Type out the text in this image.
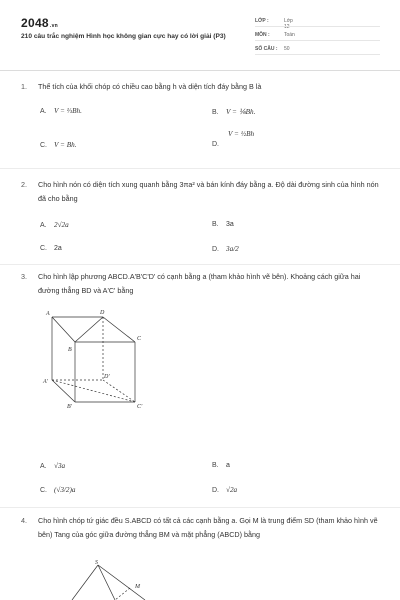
2048.vn
210 câu trắc nghiệm Hình học không gian cực hay có lời giải (P3)
LỚP :	Lớp 12
MÔN :	Toán
SỐ CÂU :	50
1.	Thể tích của khối chóp có chiều cao bằng h và diện tích đáy bằng B là
A. V = ⅓Bh.	B. V = ⅙Bh.
C. V = Bh.	D.
V = ½Bh
2.	Cho hình nón có diện tích xung quanh bằng 3πa² và bán kính đáy bằng a. Độ dài đường sinh của hình nón đã cho bằng
A. 2√2a	B. 3a
C. 2a	D. 3a/2
3.	Cho hình lập phương ABCD.A'B'C'D' có cạnh bằng a (tham khảo hình vẽ bên). Khoảng cách giữa hai đường thẳng BD và A'C' bằng
A	D
C
B
A'
D'
B'	C'
A. √3a	B. a
C. (√3/2)a	D. √2a
4.	Cho hình chóp tứ giác đều S.ABCD có tất cả các cạnh bằng a. Gọi M là trung điểm SD (tham khảo hình vẽ bên) Tang của góc giữa đường thẳng BM và mặt phẳng (ABCD) bằng
S
M
